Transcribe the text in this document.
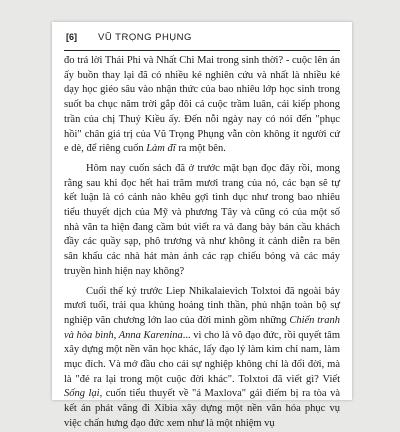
[6] VŨ TRỌNG PHỤNG

đo trá lời Thái Phi và Nhất Chi Mai trong sinh thời? - cuộc lên án ấy buồn thay lại đã có nhiều kẻ nghiên cứu và nhất là nhiều kẻ dạy học giéo sâu vào nhận thức của bao nhiêu lớp học sinh trong suốt ba chục năm trời gắp đôi cả cuộc trầm luân, cái kiếp phong trần của chị Thuý Kiều ấy. Đến nỗi ngày nay có nói đến "phục hồi" chân giá trị của Vũ Trọng Phụng vẫn còn không ít người cứ e dè, để riêng cuốn Làm đĩ ra một bên.

Hôm nay cuốn sách đã ở trước mặt bạn đọc đây rồi, mong rằng sau khi đọc hết hai trăm mươi trang của nó, các bạn sẽ tự kết luận là có cảnh nào khêu gợi tình dục như trong bao nhiêu tiểu thuyết dịch của Mỹ và phương Tây và cũng có của một số nhà văn ta hiện đang cầm bút viết ra và đang bày bán cầu khách đầy các quầy sạp, phô trương và như không ít cảnh diễn ra bên sân khấu các nhà hát màn ảnh các rạp chiếu bóng và các máy truyền hình hiện nay không?

Cuối thế kỷ trước Liep Nhikalaievich Tolxtoi đã ngoài bảy mươi tuổi, trải qua khủng hoảng tinh thần, phủ nhận toàn bộ sự nghiệp văn chương lớn lao của đời mình gồm những Chiến tranh và hòa bình, Anna Karenina... vì cho là vô đạo đức, rồi quyết tâm xây dựng một nền văn học khác, lấy đạo lý làm kim chỉ nam, làm mục đích. Và mở đầu cho cái sự nghiệp không chỉ là đổi đời, mà là "đẻ ra lại trong một cuộc đời khác". Tolxtoi đã viết gì? Viết Sống lại, cuốn tiểu thuyết về "ả Maxlova" gái điếm bị ra tòa và kết án phát vãng đi Xibia xây dựng một nền văn hóa phục vụ việc chấn hưng đạo đức xem như là một nhiệm vụ
